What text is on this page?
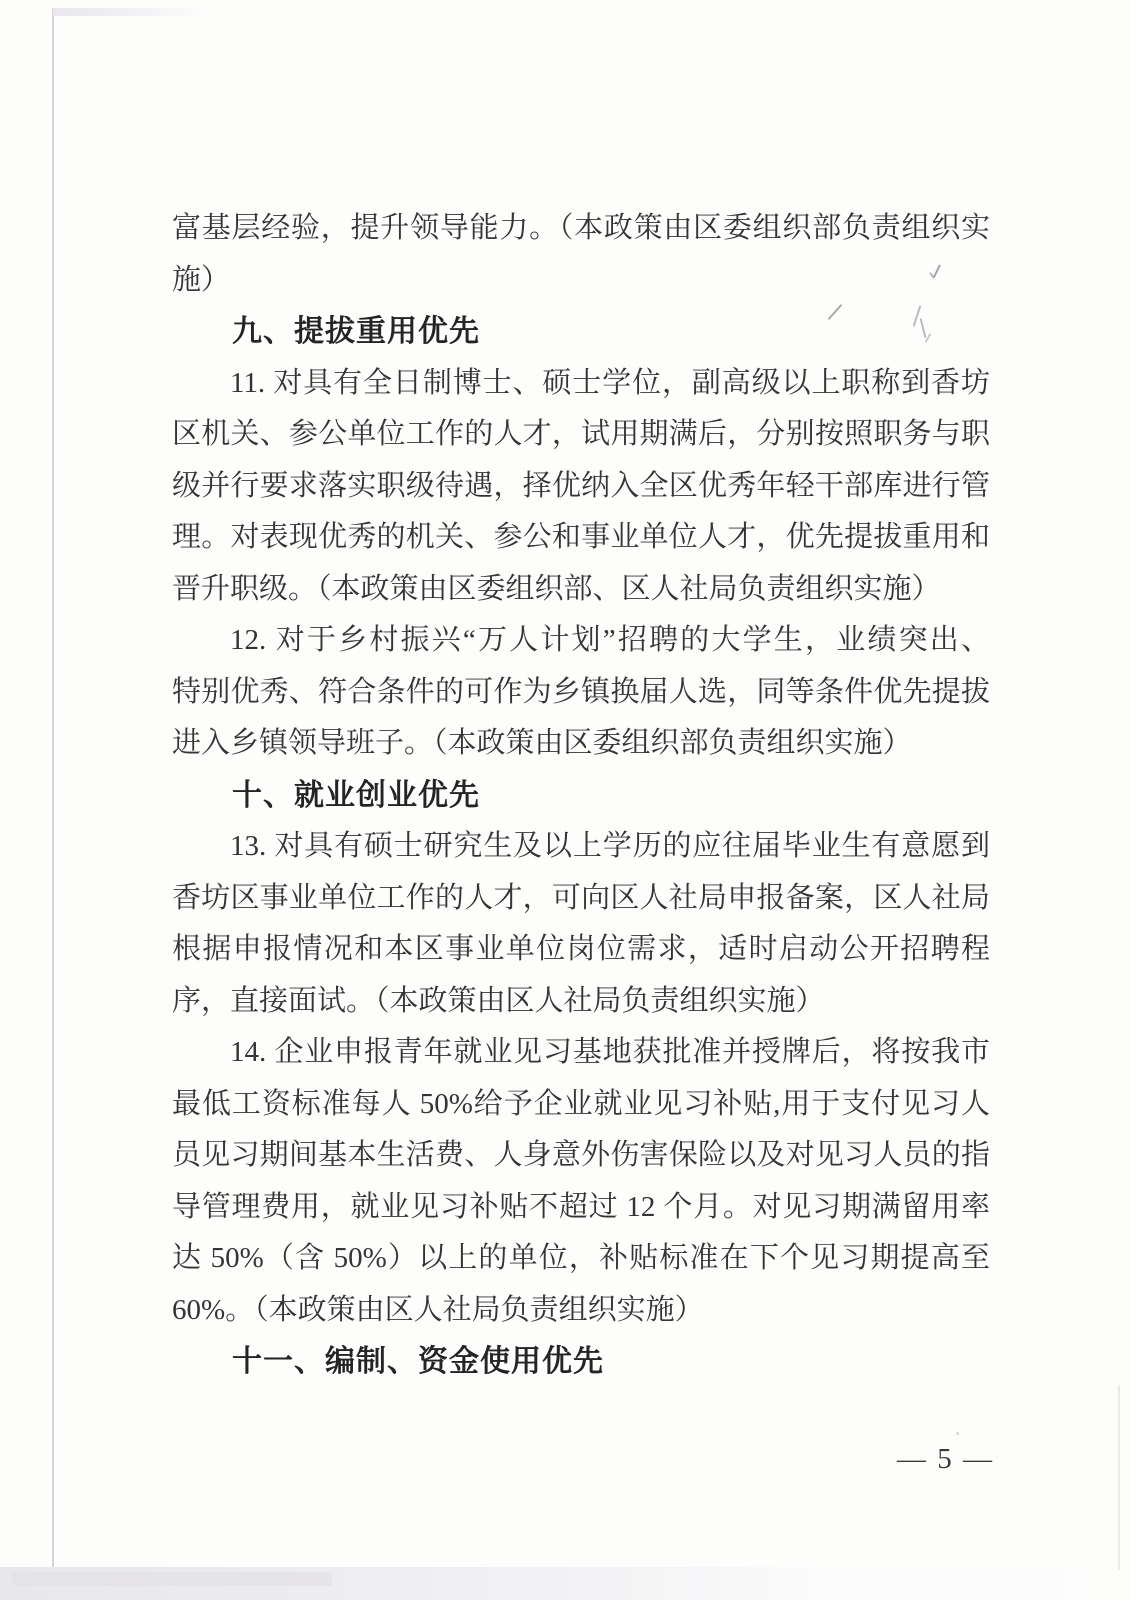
富基层经验，提升领导能力。（本政策由区委组织部负责组织实
施）
九、提拔重用优先
11. 对具有全日制博士、硕士学位，副高级以上职称到香坊
区机关、参公单位工作的人才，试用期满后，分别按照职务与职
级并行要求落实职级待遇，择优纳入全区优秀年轻干部库进行管
理。对表现优秀的机关、参公和事业单位人才，优先提拔重用和
晋升职级。（本政策由区委组织部、区人社局负责组织实施）
12. 对于乡村振兴“万人计划”招聘的大学生，业绩突出、
特别优秀、符合条件的可作为乡镇换届人选，同等条件优先提拔
进入乡镇领导班子。（本政策由区委组织部负责组织实施）
十、就业创业优先
13. 对具有硕士研究生及以上学历的应往届毕业生有意愿到
香坊区事业单位工作的人才，可向区人社局申报备案，区人社局
根据申报情况和本区事业单位岗位需求，适时启动公开招聘程
序，直接面试。（本政策由区人社局负责组织实施）
14. 企业申报青年就业见习基地获批准并授牌后，将按我市
最低工资标准每人 50%给予企业就业见习补贴,用于支付见习人
员见习期间基本生活费、人身意外伤害保险以及对见习人员的指
导管理费用，就业见习补贴不超过 12 个月。对见习期满留用率
达 50%（含 50%）以上的单位，补贴标准在下个见习期提高至
60%。（本政策由区人社局负责组织实施）
十一、编制、资金使用优先
— 5 —
